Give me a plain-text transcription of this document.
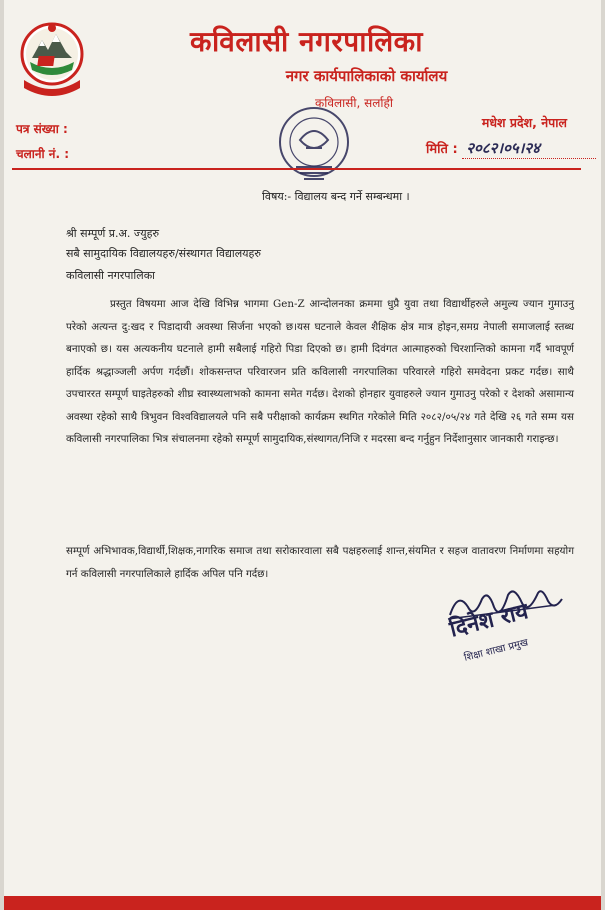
कविलासी नगरपालिका
नगर कार्यपालिकाको कार्यालय
कविलासी, सर्लाही
मधेश प्रदेश, नेपाल
पत्र संख्या :
चलानी नं. :	मिति : २०८२।०५।२४
विषय:- विद्यालय बन्द गर्ने सम्बन्धमा ।
श्री सम्पूर्ण प्र.अ. ज्युहरु
सबै सामुदायिक विद्यालयहरु/संस्थागत विद्यालयहरु
कविलासी नगरपालिका
प्रस्तुत विषयमा आज देखि विभिन्न भागमा Gen-Z आन्दोलनका क्रममा धुप्रै युवा तथा विद्यार्थीहरुले अमुल्य ज्यान गुमाउनु परेको अत्यन्त दु:खद र पिडादायी अवस्था सिर्जना भएको छ।यस घटनाले केवल शैक्षिक क्षेत्र मात्र होइन,समग्र नेपाली समाजलाई स्तब्ध बनाएको छ। यस अत्यकनीय घटनाले हामी सबैलाई गहिरो पिडा दिएको छ। हामी दिवंगत आत्माहरुको चिरशान्तिको कामना गर्दै भावपूर्ण हार्दिक श्रद्धाञ्जली अर्पण गर्दछौं। शोकसन्तप्त परिवारजन प्रति कविलासी नगरपालिका परिवारले गहिरो समवेदना प्रकट गर्दछ। साथै उपचाररत सम्पूर्ण घाइतेहरुको शीघ्र स्वास्थ्यलाभको कामना समेत गर्दछ। देशको होनहार युवाहरुले ज्यान गुमाउनु परेको र देशको असामान्य अवस्था रहेको साथै त्रिभुवन विश्वविद्यालयले पनि सबै परीक्षाको कार्यक्रम स्थगित गरेकोले मिति २०८२/०५/२४ गते देखि २६ गते सम्म यस कविलासी नगरपालिका भित्र संचालनमा रहेको सम्पूर्ण सामुदायिक,संस्थागत/निजि र मदरसा बन्द गर्नुहुन निर्देशानुसार जानकारी गराइन्छ।
सम्पूर्ण अभिभावक,विद्यार्थी,शिक्षक,नागरिक समाज तथा सरोकारवाला सबै पक्षहरुलाई शान्त,संयमित र सहज वातावरण निर्माणमा सहयोग गर्न कविलासी नगरपालिकाले हार्दिक अपिल पनि गर्दछ।
दिनेश राय
शिक्षा शाखा प्रमुख
